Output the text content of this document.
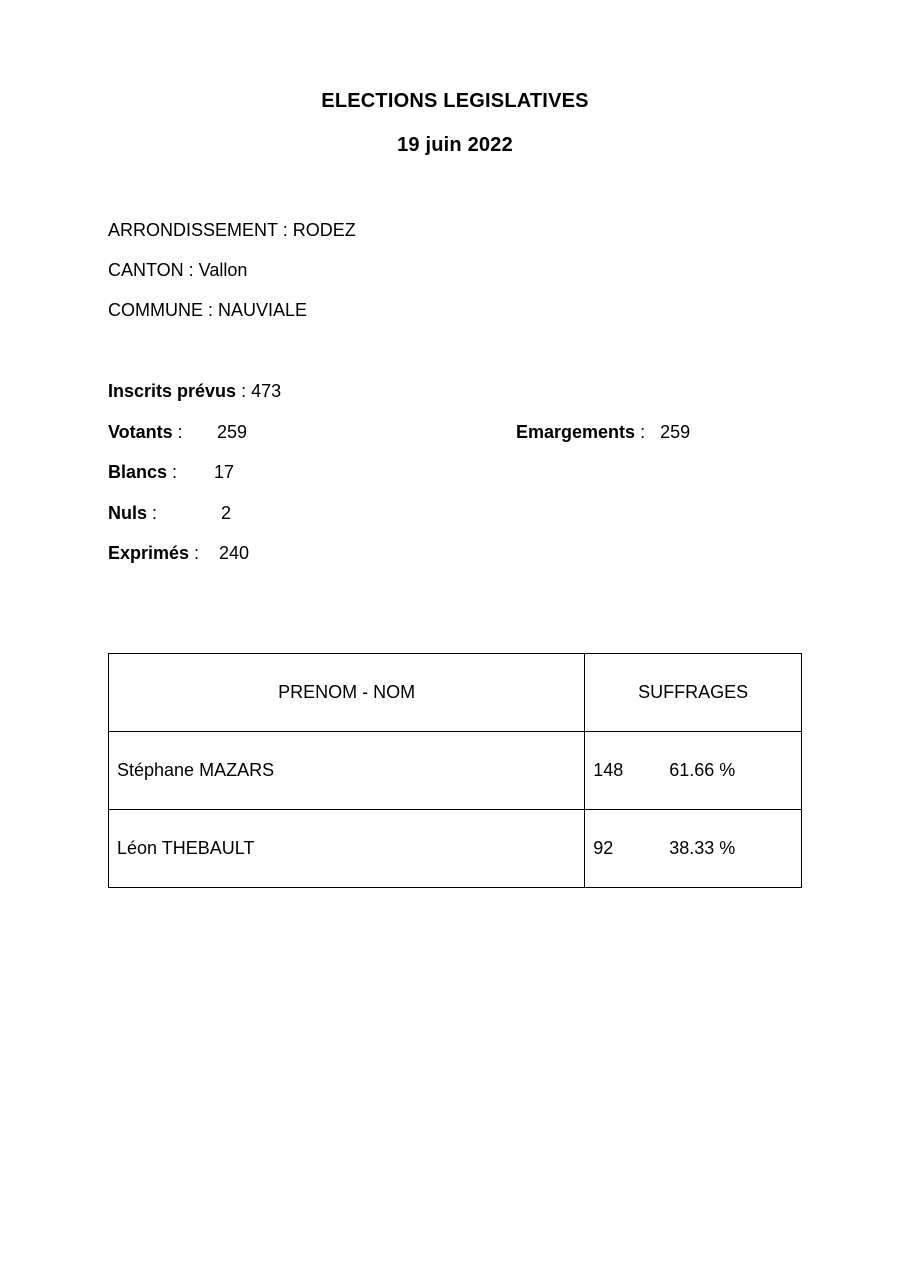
ELECTIONS LEGISLATIVES
19 juin 2022
ARRONDISSEMENT : RODEZ
CANTON : Vallon
COMMUNE : NAUVIALE
Inscrits prévus : 473
Votants : 259	Emargements :   259
Blancs : 17
Nuls :	2
Exprimés : 240
PRENOM - NOM	SUFFRAGES
Stéphane MAZARS	148 61.66 %
Léon THEBAULT	92 38.33 %
